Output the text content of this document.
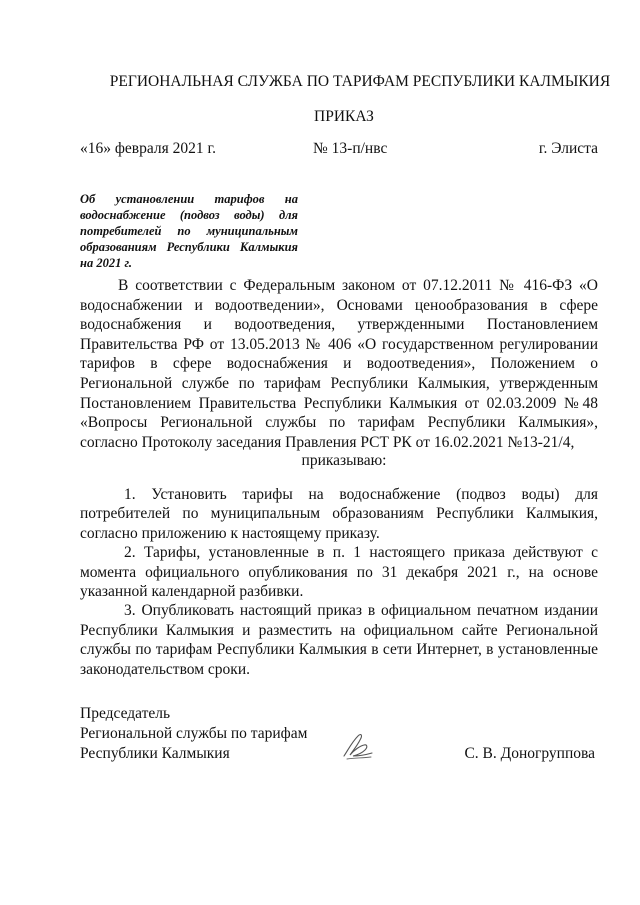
РЕГИОНАЛЬНАЯ СЛУЖБА ПО ТАРИФАМ РЕСПУБЛИКИ КАЛМЫКИЯ
ПРИКАЗ
«16» февраля 2021 г.	№ 13-п/нвс	г. Элиста
Об установлении тарифов на водоснабжение (подвоз воды) для потребителей по муниципальным образованиям Республики Калмыкия на 2021 г.

В соответствии с Федеральным законом от 07.12.2011 № 416-ФЗ «О водоснабжении и водоотведении», Основами ценообразования в сфере водоснабжения и водоотведения, утвержденными Постановлением Правительства РФ от 13.05.2013 № 406 «О государственном регулировании тарифов в сфере водоснабжения и водоотведения», Положением о Региональной службе по тарифам Республики Калмыкия, утвержденным Постановлением Правительства Республики Калмыкия от 02.03.2009 №48 «Вопросы Региональной службы по тарифам Республики Калмыкия», согласно Протоколу заседания Правления РСТ РК от 16.02.2021 №13-21/4,

приказываю:

1. Установить тарифы на водоснабжение (подвоз воды) для потребителей по муниципальным образованиям Республики Калмыкия, согласно приложению к настоящему приказу.

2. Тарифы, установленные в п. 1 настоящего приказа действуют с момента официального опубликования по 31 декабря 2021 г., на основе указанной календарной разбивки.

3. Опубликовать настоящий приказ в официальном печатном издании Республики Калмыкия и разместить на официальном сайте Региональной службы по тарифам Республики Калмыкия в сети Интернет, в установленные законодательством сроки.

Председатель
Региональной службы по тарифам
Республики Калмыкия	С. В. Доногруппова
